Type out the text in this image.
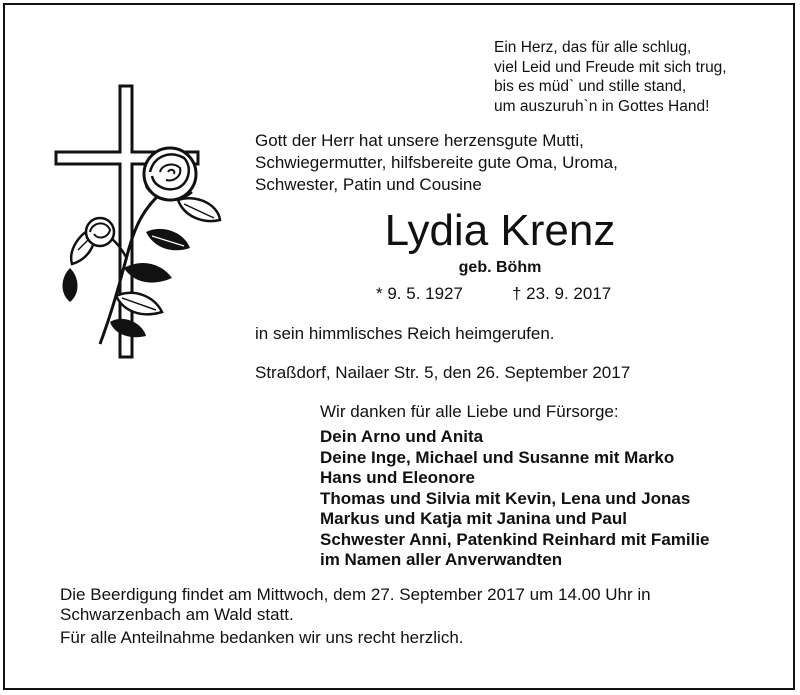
Ein Herz, das für alle schlug,
viel Leid und Freude mit sich trug,
bis es müd` und stille stand,
um auszuruh`n in Gottes Hand!
Gott der Herr hat unsere herzensgute Mutti,
Schwiegermutter, hilfsbereite gute Oma, Uroma,
Schwester, Patin und Cousine
Lydia Krenz
geb. Böhm
* 9. 5. 1927	† 23. 9. 2017
in sein himmlisches Reich heimgerufen.
Straßdorf, Nailaer Str. 5, den 26. September 2017
Wir danken für alle Liebe und Fürsorge:
Dein Arno und Anita
Deine Inge, Michael und Susanne mit Marko
Hans und Eleonore
Thomas und Silvia mit Kevin, Lena und Jonas
Markus und Katja mit Janina und Paul
Schwester Anni, Patenkind Reinhard mit Familie
im Namen aller Anverwandten
Die Beerdigung findet am Mittwoch, dem 27. September 2017 um 14.00 Uhr in
Schwarzenbach am Wald statt.
Für alle Anteilnahme bedanken wir uns recht herzlich.
